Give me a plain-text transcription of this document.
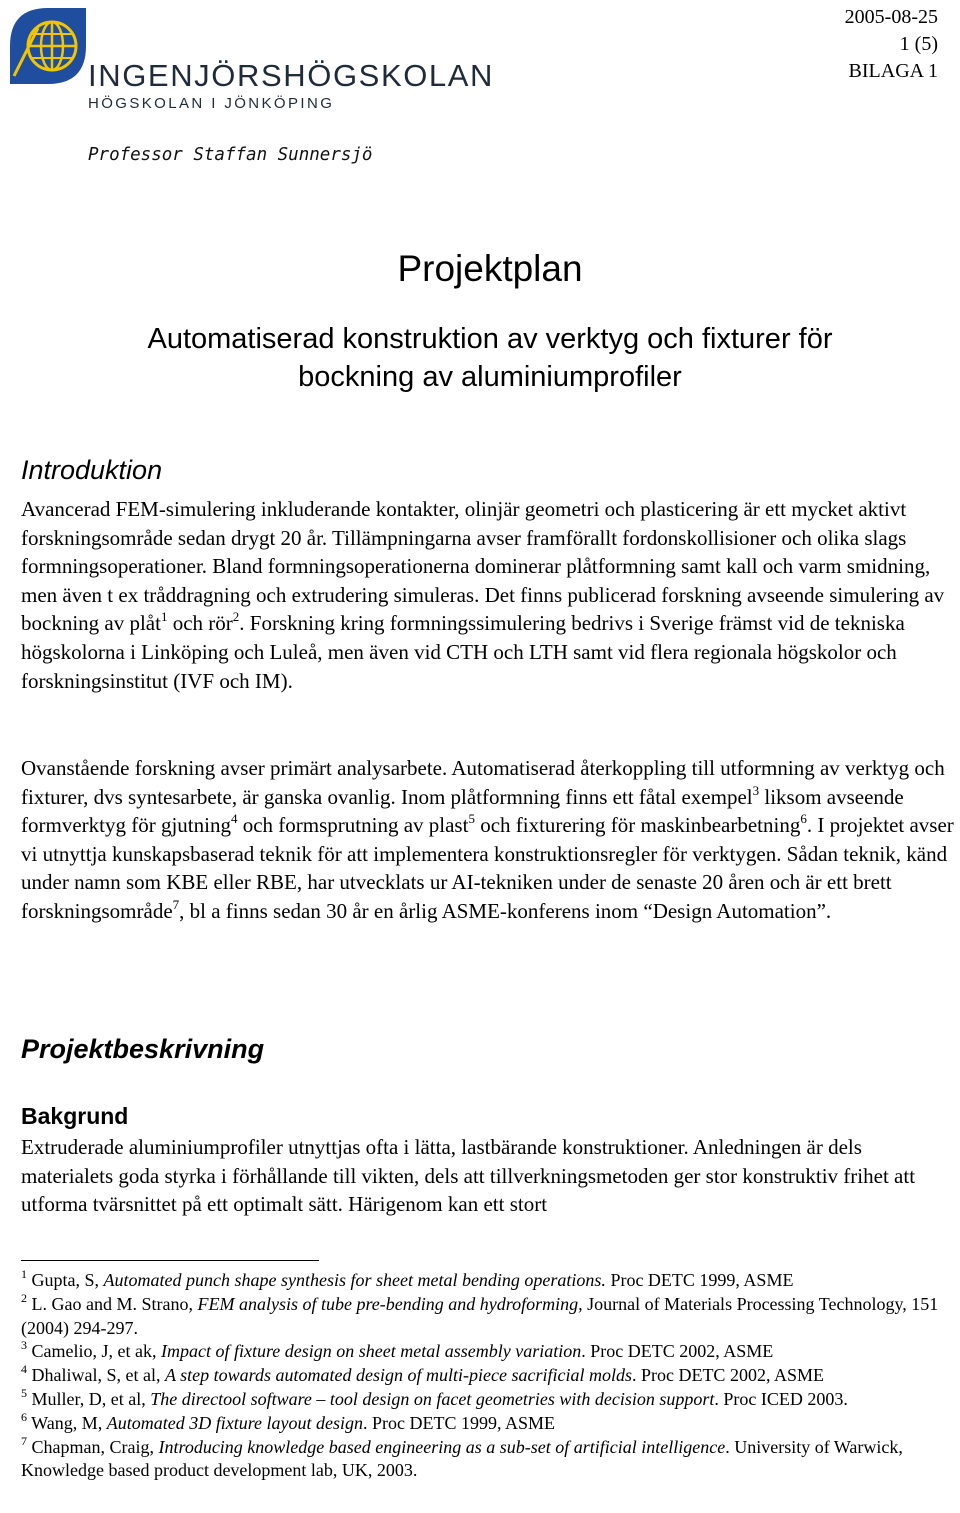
INGENJÖRSHÖGSKOLAN
HÖGSKOLAN I JÖNKÖPING
2005-08-25
1 (5)
BILAGA 1
Professor Staffan Sunnersjö
Projektplan
Automatiserad konstruktion av verktyg och fixturer för
bockning av aluminiumprofiler
Introduktion

Avancerad FEM-simulering inkluderande kontakter, olinjär geometri och plasticering är ett mycket aktivt forskningsområde sedan drygt 20 år. Tillämpningarna avser framförallt fordonskollisioner och olika slags formningsoperationer. Bland formningsoperationerna dominerar plåtformning samt kall och varm smidning, men även t ex tråddragning och extrudering simuleras. Det finns publicerad forskning avseende simulering av bockning av plåt$^1$ och rör$^2$. Forskning kring formningssimulering bedrivs i Sverige främst vid de tekniska högskolorna i Linköping och Luleå, men även vid CTH och LTH samt vid flera regionala högskolor och forskningsinstitut (IVF och IM).

Ovanstående forskning avser primärt analysarbete. Automatiserad återkoppling till utformning av verktyg och fixturer, dvs syntesarbete, är ganska ovanlig. Inom plåtformning finns ett fåtal exempel$^3$ liksom avseende formverktyg för gjutning$^4$ och formsprutning av plast$^5$ och fixturering för maskinbearbetning$^6$. I projektet avser vi utnyttja kunskapsbaserad teknik för att implementera konstruktionsregler för verktygen. Sådan teknik, känd under namn som KBE eller RBE, har utvecklats ur AI-tekniken under de senaste 20 åren och är ett brett forskningsområde$^7$, bl a finns sedan 30 år en årlig ASME-konferens inom “Design Automation”.

Projektbeskrivning
Bakgrund
Extruderade aluminiumprofiler utnyttjas ofta i lätta, lastbärande konstruktioner. Anledningen är dels materialets goda styrka i förhållande till vikten, dels att tillverkningsmetoden ger stor konstruktiv frihet att utforma tvärsnittet på ett optimalt sätt. Härigenom kan ett stort

$^1$ Gupta, S, Automated punch shape synthesis for sheet metal bending operations. Proc DETC 1999, ASME

$^2$ L. Gao and M. Strano, FEM analysis of tube pre-bending and hydroforming, Journal of Materials Processing Technology, 151 (2004) 294-297.

$^3$ Camelio, J, et ak, Impact of fixture design on sheet metal assembly variation. Proc DETC 2002, ASME

$^4$ Dhaliwal, S, et al, A step towards automated design of multi-piece sacrificial molds. Proc DETC 2002, ASME

$^5$ Muller, D, et al, The directool software – tool design on facet geometries with decision support. Proc ICED 2003.

$^6$ Wang, M, Automated 3D fixture layout design. Proc DETC 1999, ASME

$^7$ Chapman, Craig, Introducing knowledge based engineering as a sub-set of artificial intelligence. University of Warwick, Knowledge based product development lab, UK, 2003.
